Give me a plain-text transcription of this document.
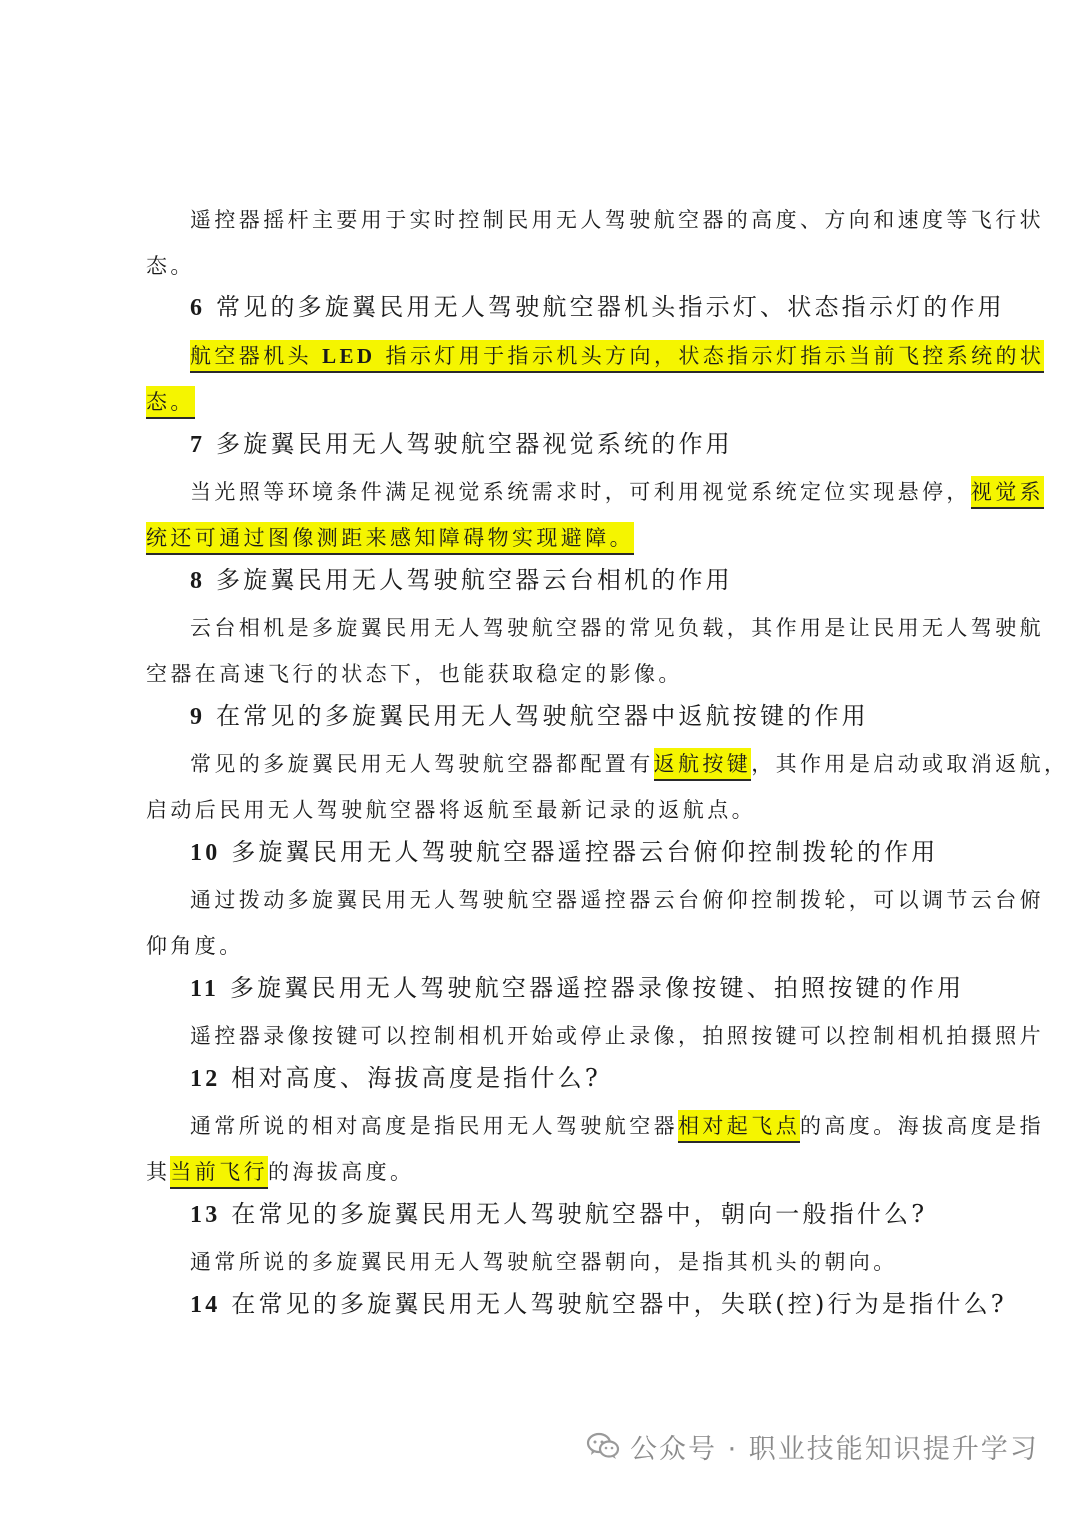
遥控器摇杆主要用于实时控制民用无人驾驶航空器的高度、方向和速度等飞行状
态。
6 常见的多旋翼民用无人驾驶航空器机头指示灯、状态指示灯的作用
航空器机头 LED 指示灯用于指示机头方向，状态指示灯指示当前飞控系统的状
态。
7 多旋翼民用无人驾驶航空器视觉系统的作用
当光照等环境条件满足视觉系统需求时，可利用视觉系统定位实现悬停，视觉系
统还可通过图像测距来感知障碍物实现避障。
8 多旋翼民用无人驾驶航空器云台相机的作用
云台相机是多旋翼民用无人驾驶航空器的常见负载，其作用是让民用无人驾驶航
空器在高速飞行的状态下，也能获取稳定的影像。
9 在常见的多旋翼民用无人驾驶航空器中返航按键的作用
常见的多旋翼民用无人驾驶航空器都配置有返航按键，其作用是启动或取消返航，
启动后民用无人驾驶航空器将返航至最新记录的返航点。
10 多旋翼民用无人驾驶航空器遥控器云台俯仰控制拨轮的作用
通过拨动多旋翼民用无人驾驶航空器遥控器云台俯仰控制拨轮，可以调节云台俯
仰角度。
11 多旋翼民用无人驾驶航空器遥控器录像按键、拍照按键的作用
遥控器录像按键可以控制相机开始或停止录像，拍照按键可以控制相机拍摄照片
12 相对高度、海拔高度是指什么?
通常所说的相对高度是指民用无人驾驶航空器相对起飞点的高度。海拔高度是指
其当前飞行的海拔高度。
13 在常见的多旋翼民用无人驾驶航空器中，朝向一般指什么?
通常所说的多旋翼民用无人驾驶航空器朝向，是指其机头的朝向。
14 在常见的多旋翼民用无人驾驶航空器中，失联(控)行为是指什么?
公众号 · 职业技能知识提升学习
